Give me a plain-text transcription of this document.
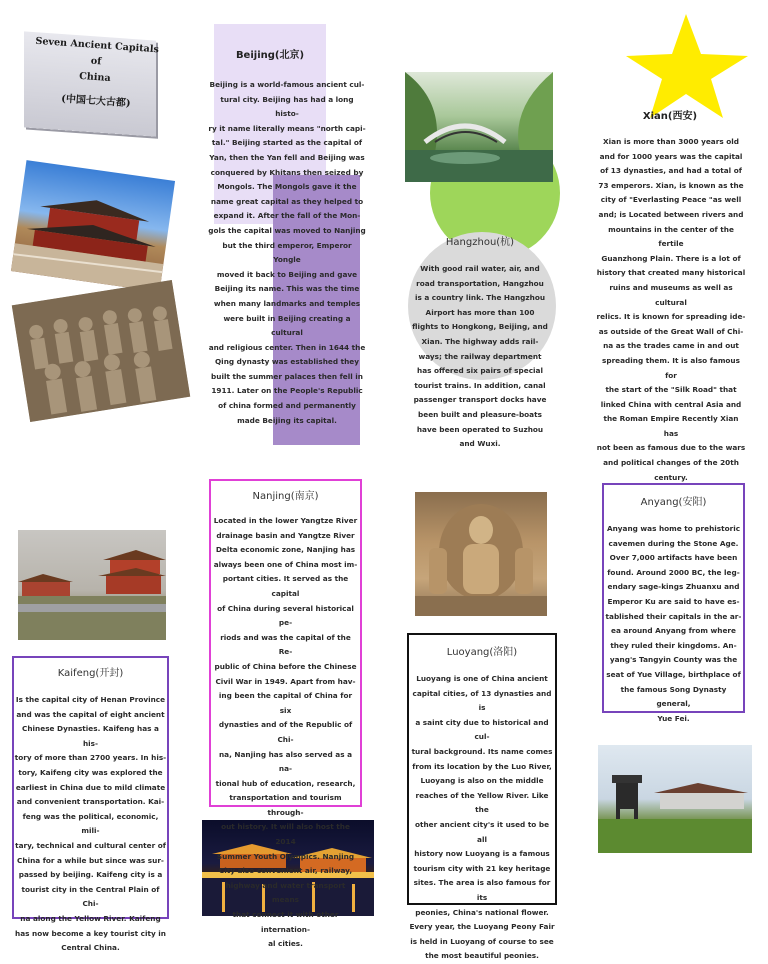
Seven Ancient Capitals of
China
(中国七大古都)
Beijing(北京)
Beijing is a world-famous ancient cul-
tural city. Beijing has had a long histo-
ry it name literally means "north capi-
tal." Beijing started as the capital of
Yan, then the Yan fell and Beijing was
conquered by Khitans then seized by
Mongols. The Mongols gave it the
name great capital as they helped to
expand it. After the fall of the Mon-
gols the capital was moved to Nanjing
but the third emperor, Emperor Yongle
moved it back to Beijing and gave
Beijing its name. This was the time
when many landmarks and temples
were built in Beijing creating a cultural
and religious center. Then in 1644 the
Qing dynasty was established they
built the summer palaces then fell in
1911. Later on the People's Republic
of china formed and permanently
made Beijing its capital.
Xian(西安)
Xian is more than 3000 years old
and for 1000 years was the capital
of 13 dynasties, and had a total of
73 emperors. Xian, is known as the
city of "Everlasting Peace "as well
and; is Located between rivers and
mountains in the center of the fertile
Guanzhong Plain. There is a lot of
history that created many historical
ruins and museums as well as cultural
relics. It is known for spreading ide-
as outside of the Great Wall of Chi-
na as the trades came in and out
spreading them. It is also famous for
the start of the "Silk Road" that
linked China with central Asia and
the Roman Empire Recently Xian has
not been as famous due to the wars
and political changes of the 20th
century.
Hangzhou(杭)
With good rail water, air, and
road transportation, Hangzhou
is a country link. The Hangzhou
Airport has more than 100
flights to Hongkong, Beijing, and
Xian. The highway adds rail-
ways; the railway department
has offered six pairs of special
tourist trains. In addition, canal
passenger transport docks have
been built and pleasure-boats
have been operated to Suzhou
and Wuxi.
Nanjing(南京)
Located in the lower Yangtze River
drainage basin and Yangtze River
Delta economic zone, Nanjing has
always been one of China most im-
portant cities. It served as the capital
of China during several historical pe-
riods and was the capital of the Re-
public of China before the Chinese
Civil War in 1949. Apart from hav-
ing been the capital of China for six
dynasties and of the Republic of Chi-
na, Nanjing has also served as a na-
tional hub of education, research,
transportation and tourism through-
out history. It will also host the 2014
Summer Youth Olympics. Nanjing
City also convenient air, railway,
highway and water transport means
that connect it with other internation-
al cities.
Anyang(安阳)
Anyang was home to prehistoric
cavemen during the Stone Age.
Over 7,000 artifacts have been
found. Around 2000 BC, the leg-
endary sage-kings Zhuanxu and
Emperor Ku are said to have es-
tablished their capitals in the ar-
ea around Anyang from where
they ruled their kingdoms. An-
yang's Tangyin County was the
seat of Yue Village, birthplace of
the famous Song Dynasty general,
Yue Fei.
Kaifeng(开封)
Is the capital city of Henan Province
and was the capital of eight ancient
Chinese Dynasties. Kaifeng has a his-
tory of more than 2700 years. In his-
tory, Kaifeng city was explored the
earliest in China due to mild climate
and convenient transportation. Kai-
feng was the political, economic, mili-
tary, technical and cultural center of
China for a while but since was sur-
passed by beijing. Kaifeng city is a
tourist city in the Central Plain of Chi-
na along the Yellow River. Kaifeng
has now become a key tourist city in
Central China.
Luoyang(洛阳)
Luoyang is one of China ancient
capital cities, of 13 dynasties and is
a saint city due to historical and cul-
tural background. Its name comes
from its location by the Luo River,
Luoyang is also on the middle
reaches of the Yellow River. Like the
other ancient city's it used to be all
history now Luoyang is a famous
tourism city with 21 key heritage
sites. The area is also famous for its
peonies, China's national flower.
Every year, the Luoyang Peony Fair
is held in Luoyang of course to see
the most beautiful peonies.
